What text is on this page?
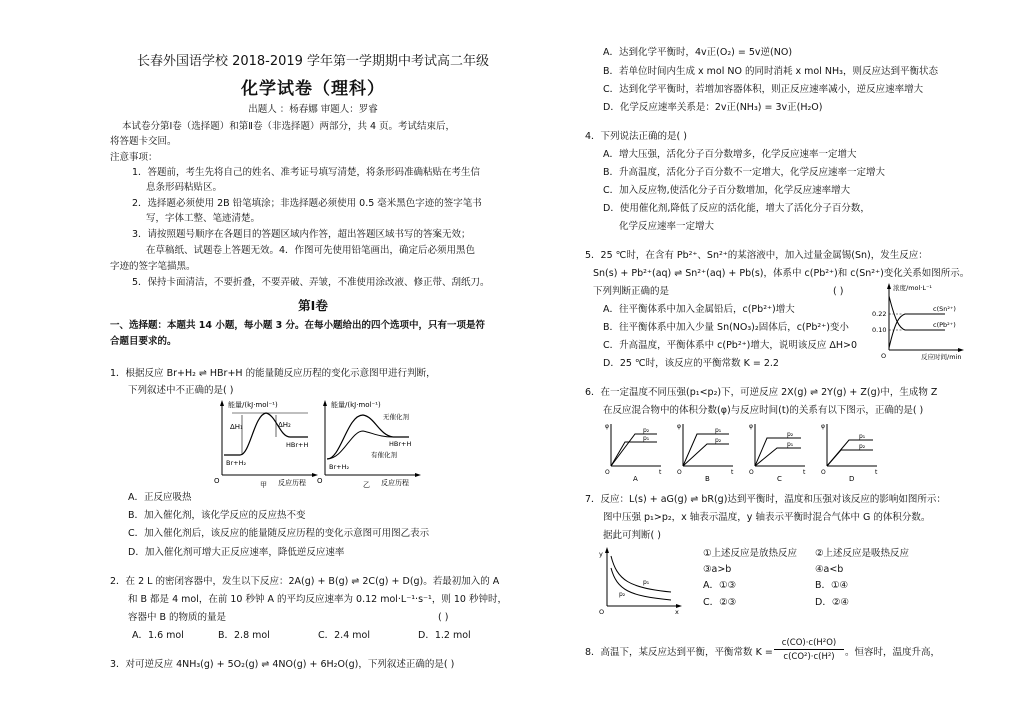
长春外国语学校 2018-2019 学年第一学期期中考试高二年级
化学试卷（理科）
出题人 ：杨春娜 审题人：罗睿
本试卷分第Ⅰ卷（选择题）和第Ⅱ卷（非选择题）两部分，共 4 页。考试结束后，
将答题卡交回。
注意事项：
1．答题前，考生先将自己的姓名、准考证号填写清楚，将条形码准确粘贴在考生信
息条形码粘贴区。
2．选择题必须使用 2B 铅笔填涂；非选择题必须使用 0.5 毫米黑色字迹的签字笔书
写，字体工整、笔迹清楚。
3．请按照题号顺序在各题目的答题区域内作答，超出答题区域书写的答案无效；
在草稿纸、试题卷上答题无效。4．作图可先使用铅笔画出，确定后必须用黑色
字迹的签字笔描黑。
5．保持卡面清洁，不要折叠，不要弄破、弄皱，不准使用涂改液、修正带、刮纸刀。
第Ⅰ卷
一、选择题：本题共 14 小题，每小题 3 分。在每小题给出的四个选项中，只有一项是符
合题目要求的。
1．根据反应 Br+H₂ ⇌ HBr+H 的能量随反应历程的变化示意图甲进行判断，
下列叙述中不正确的是( )
能量/(kJ·mol⁻¹)
反应历程
O	甲
ΔH₁	ΔH₂
Br+H₂
HBr+H
能量/(kJ·mol⁻¹)
反应历程
O	乙
无催化剂
有催化剂
Br+H₂
HBr+H
A．正反应吸热
B．加入催化剂，该化学反应的反应热不变
C．加入催化剂后，该反应的能量随反应历程的变化示意图可用图乙表示
D．加入催化剂可增大正反应速率，降低逆反应速率
2．在 2 L 的密闭容器中，发生以下反应：2A(g) + B(g) ⇌ 2C(g) + D(g)。若最初加入的 A
和 B 都是 4 mol，在前 10 秒钟 A 的平均反应速率为 0.12 mol·L⁻¹·s⁻¹，则 10 秒钟时，
容器中 B 的物质的量是	( )
A．1.6 mol	B．2.8 mol	C．2.4 mol	D．1.2 mol
3．对可逆反应 4NH₃(g) + 5O₂(g) ⇌ 4NO(g) + 6H₂O(g)，下列叙述正确的是( )
A．达到化学平衡时，4v正(O₂) = 5v逆(NO)
B．若单位时间内生成 x mol NO 的同时消耗 x mol NH₃，则反应达到平衡状态
C．达到化学平衡时，若增加容器体积，则正反应速率减小，逆反应速率增大
D．化学反应速率关系是：2v正(NH₃) = 3v正(H₂O)
4．下列说法正确的是( )
A．增大压强，活化分子百分数增多，化学反应速率一定增大
B．升高温度，活化分子百分数不一定增大，化学反应速率一定增大
C．加入反应物,使活化分子百分数增加，化学反应速率增大
D．使用催化剂,降低了反应的活化能，增大了活化分子百分数，
化学反应速率一定增大
5．25 ℃时，在含有 Pb²⁺、Sn²⁺的某溶液中，加入过量金属锡(Sn)，发生反应：
Sn(s) + Pb²⁺(aq) ⇌ Sn²⁺(aq) + Pb(s)，体系中 c(Pb²⁺)和 c(Sn²⁺)变化关系如图所示。
下列判断正确的是	( )
A．往平衡体系中加入金属铅后，c(Pb²⁺)增大
B．往平衡体系中加入少量 Sn(NO₃)₂固体后，c(Pb²⁺)变小
C．升高温度，平衡体系中 c(Pb²⁺)增大，说明该反应 ΔH>0
D．25 ℃时，该反应的平衡常数 K = 2.2
浓度/mol·L⁻¹
反应时间/min
O
0.22
0.10
c(Sn²⁺)
c(Pb²⁺)
6．在一定温度不同压强(p₁<p₂)下，可逆反应 2X(g) ⇌ 2Y(g) + Z(g)中，生成物 Z
在反应混合物中的体积分数(φ)与反应时间(t)的关系有以下图示，正确的是( )
φ
O	t
p₂
p₁
A
φ
O	t
p₁
p₂
B
φ
O	t
p₂
p₁
C
φ
O	t
p₁
p₂
D
7．反应：L(s) + aG(g) ⇌ bR(g)达到平衡时，温度和压强对该反应的影响如图所示：
图中压强 p₁>p₂，x 轴表示温度，y 轴表示平衡时混合气体中 G 的体积分数。
据此可判断( )
y
x
O
p₁
p₂
①上述反应是放热反应 ②上述反应是吸热反应
③a>b	④a<b
A．①③	B．①④
C．②③	D．②④
8．高温下，某反应达到平衡，平衡常数 K =
c(CO)·c(H²O)
c(CO²)·c(H²)	。恒容时，温度升高，
